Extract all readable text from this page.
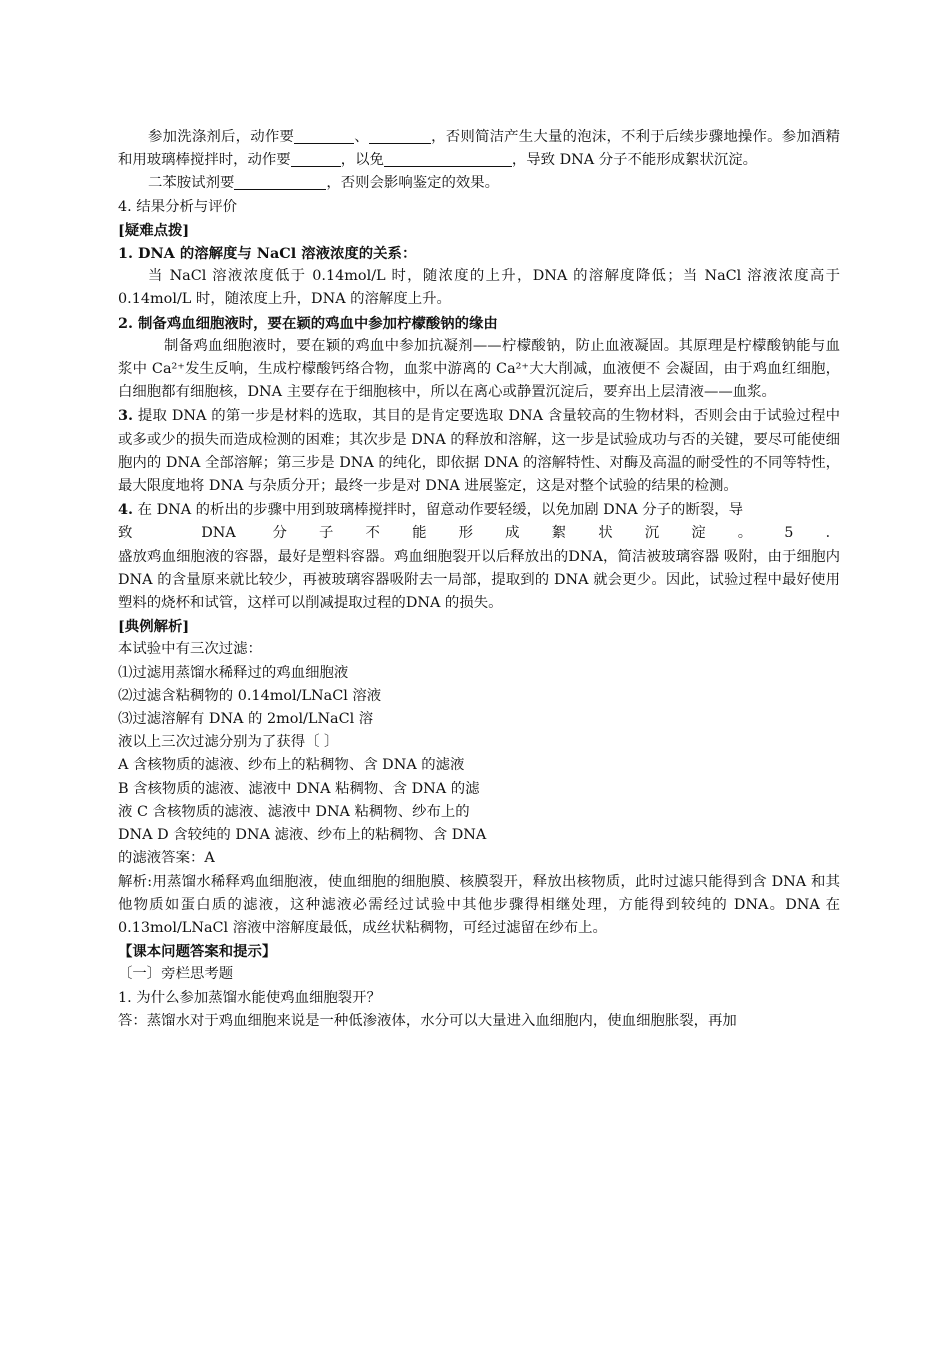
参加洗涤剂后，动作要	、	，否则简洁产生大量的泡沫，不利于后续步骤地操作。参加酒精和用玻璃棒搅拌时，动作要	，以免	，导致 DNA 分子不能形成絮状沉淀。

二苯胺试剂要	，否则会影响鉴定的效果。

4. 结果分析与评价

[疑难点拨]

1. DNA 的溶解度与 NaCl 溶液浓度的关系：

当 NaCl 溶液浓度低于 0.14mol/L 时，随浓度的上升，DNA 的溶解度降低；当 NaCl 溶液浓度高于 0.14mol/L 时，随浓度上升，DNA 的溶解度上升。

2. 制备鸡血细胞液时，要在颖的鸡血中参加柠檬酸钠的缘由

制备鸡血细胞液时，要在颖的鸡血中参加抗凝剂——柠檬酸钠，防止血液凝固。其原理是柠檬酸钠能与血浆中 Ca²⁺发生反响，生成柠檬酸钙络合物，血浆中游离的 Ca²⁺大大削减，血液便不 会凝固，由于鸡血红细胞，白细胞都有细胞核，DNA 主要存在于细胞核中，所以在离心或静置沉淀后，要弃出上层清液——血浆。

3. 提取 DNA 的第一步是材料的选取，其目的是肯定要选取 DNA 含量较高的生物材料，否则会由于试验过程中或多或少的损失而造成检测的困难；其次步是 DNA 的释放和溶解，这一步是试验成功与否的关键，要尽可能使细胞内的 DNA 全部溶解；第三步是 DNA 的纯化，即依据 DNA 的溶解特性、对酶及高温的耐受性的不同等特性，最大限度地将 DNA 与杂质分开；最终一步是对 DNA 进展鉴定，这是对整个试验的结果的检测。

4. 在 DNA 的析出的步骤中用到玻璃棒搅拌时，留意动作要轻缓，以免加剧 DNA 分子的断裂，导

致	DNA	分子不能形成絮状沉淀。5．

盛放鸡血细胞液的容器，最好是塑料容器。鸡血细胞裂开以后释放出的DNA，简洁被玻璃容器 吸附，由于细胞内 DNA 的含量原来就比较少，再被玻璃容器吸附去一局部，提取到的 DNA 就会更少。因此，试验过程中最好使用塑料的烧杯和试管，这样可以削减提取过程的DNA 的损失。

[典例解析]

本试验中有三次过滤：

⑴过滤用蒸馏水稀释过的鸡血细胞液

⑵过滤含粘稠物的 0.14mol/LNaCl 溶液

⑶过滤溶解有 DNA 的 2mol/LNaCl 溶

液以上三次过滤分别为了获得〔 〕

A 含核物质的滤液、纱布上的粘稠物、含 DNA 的滤液

B 含核物质的滤液、滤液中 DNA 粘稠物、含 DNA 的滤

液 C 含核物质的滤液、滤液中 DNA 粘稠物、纱布上的

DNA D 含较纯的 DNA 滤液、纱布上的粘稠物、含 DNA

的滤液答案：A

解析:用蒸馏水稀释鸡血细胞液，使血细胞的细胞膜、核膜裂开，释放出核物质，此时过滤只能得到含 DNA 和其他物质如蛋白质的滤液，这种滤液必需经过试验中其他步骤得相继处理，方能得到较纯的 DNA。DNA 在 0.13mol/LNaCl 溶液中溶解度最低，成丝状粘稠物，可经过滤留在纱布上。

【课本问题答案和提示】

〔一〕旁栏思考题

1. 为什么参加蒸馏水能使鸡血细胞裂开？

答：蒸馏水对于鸡血细胞来说是一种低渗液体，水分可以大量进入血细胞内，使血细胞胀裂，再加
